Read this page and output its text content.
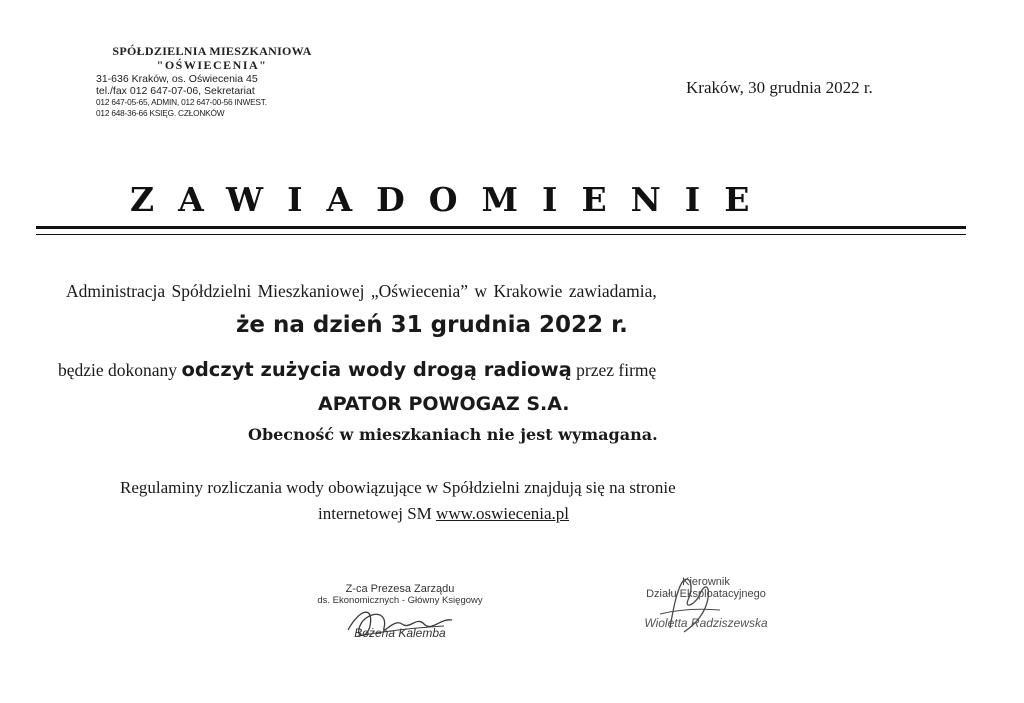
SPÓŁDZIELNIA MIESZKANIOWA
"OŚWIECENIA"
31-636 Kraków, os. Oświecenia 45
tel./fax 012 647-07-06, Sekretariat
012 647-05-65, ADMIN, 012 647-00-56 INWEST.
012 648-36-66 KSIĘG. CZŁONKÓW
Kraków, 30 grudnia 2022 r.
ZAWIADOMIENIE
Administracja Spółdzielni Mieszkaniowej „Oświecenia” w Krakowie zawiadamia,
że na dzień 31 grudnia 2022 r.
będzie dokonany odczyt zużycia wody drogą radiową przez firmę
APATOR POWOGAZ S.A.
Obecność w mieszkaniach nie jest wymagana.
Regulaminy rozliczania wody obowiązujące w Spółdzielni znajdują się na stronie
internetowej SM www.oswiecenia.pl
Z-ca Prezesa Zarządu
ds. Ekonomicznych - Główny Księgowy
Bożena Kalemba
Kierownik
Działu Eksploatacyjnego
Wioletta Radziszewska
